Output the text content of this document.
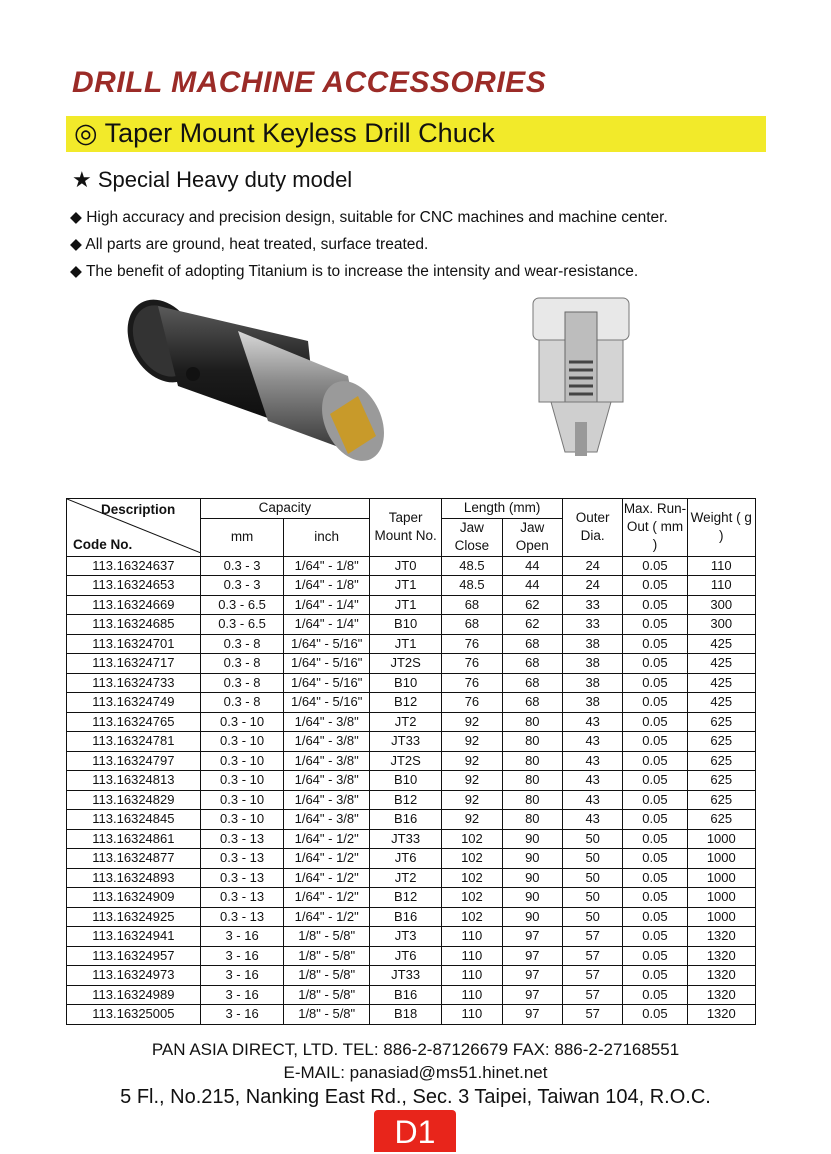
DRILL MACHINE ACCESSORIES
◎ Taper Mount Keyless Drill Chuck
★ Special Heavy duty model
◆ High accuracy and precision design, suitable for CNC machines and machine center.
◆ All parts are ground, heat treated, surface treated.
◆ The benefit of adopting Titanium is to increase the intensity and wear-resistance.
Description
Code No.	Capacity		Taper Mount No.	Length (mm)		Outer Dia.	Max. Run-Out ( mm )	Weight ( g )
	mm	inch		Jaw Close	Jaw Open			
113.16324637	0.3 - 3	1/64" - 1/8"	JT0	48.5	44	24	0.05	110
113.16324653	0.3 - 3	1/64" - 1/8"	JT1	48.5	44	24	0.05	110
113.16324669	0.3 - 6.5	1/64" - 1/4"	JT1	68	62	33	0.05	300
113.16324685	0.3 - 6.5	1/64" - 1/4"	B10	68	62	33	0.05	300
113.16324701	0.3 - 8	1/64" - 5/16"	JT1	76	68	38	0.05	425
113.16324717	0.3 - 8	1/64" - 5/16"	JT2S	76	68	38	0.05	425
113.16324733	0.3 - 8	1/64" - 5/16"	B10	76	68	38	0.05	425
113.16324749	0.3 - 8	1/64" - 5/16"	B12	76	68	38	0.05	425
113.16324765	0.3 - 10	1/64" - 3/8"	JT2	92	80	43	0.05	625
113.16324781	0.3 - 10	1/64" - 3/8"	JT33	92	80	43	0.05	625
113.16324797	0.3 - 10	1/64" - 3/8"	JT2S	92	80	43	0.05	625
113.16324813	0.3 - 10	1/64" - 3/8"	B10	92	80	43	0.05	625
113.16324829	0.3 - 10	1/64" - 3/8"	B12	92	80	43	0.05	625
113.16324845	0.3 - 10	1/64" - 3/8"	B16	92	80	43	0.05	625
113.16324861	0.3 - 13	1/64" - 1/2"	JT33	102	90	50	0.05	1000
113.16324877	0.3 - 13	1/64" - 1/2"	JT6	102	90	50	0.05	1000
113.16324893	0.3 - 13	1/64" - 1/2"	JT2	102	90	50	0.05	1000
113.16324909	0.3 - 13	1/64" - 1/2"	B12	102	90	50	0.05	1000
113.16324925	0.3 - 13	1/64" - 1/2"	B16	102	90	50	0.05	1000
113.16324941	3 - 16	1/8" - 5/8"	JT3	110	97	57	0.05	1320
113.16324957	3 - 16	1/8" - 5/8"	JT6	110	97	57	0.05	1320
113.16324973	3 - 16	1/8" - 5/8"	JT33	110	97	57	0.05	1320
113.16324989	3 - 16	1/8" - 5/8"	B16	110	97	57	0.05	1320
113.16325005	3 - 16	1/8" - 5/8"	B18	110	97	57	0.05	1320
PAN ASIA DIRECT, LTD. TEL: 886-2-87126679 FAX: 886-2-27168551
E-MAIL: panasiad@ms51.hinet.net
5 Fl., No.215, Nanking East Rd., Sec. 3 Taipei, Taiwan 104, R.O.C.
D1
